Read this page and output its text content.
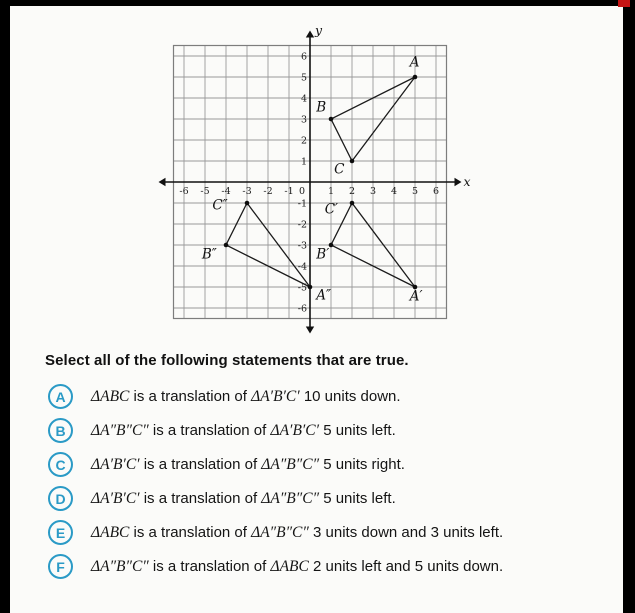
y
x
-6 -5 -4 -3 -2 -1 0 1 2 3 4 5 6
-6
-5
-4
-3
-2
-1
1
2
3
4
5
6	A
B
C
A′
B′
C′
A″
B″
C″
Select all of the following statements that are true.
A	ΔABC is a translation of ΔA′B′C′ 10 units down.
B	ΔA″B″C″ is a translation of ΔA′B′C′ 5 units left.
C	ΔA′B′C′ is a translation of ΔA″B″C″ 5 units right.
D	ΔA′B′C′ is a translation of ΔA″B″C″ 5 units left.
E	ΔABC is a translation of ΔA″B″C″ 3 units down and 3 units left.
F	ΔA″B″C″ is a translation of ΔABC 2 units left and 5 units down.
